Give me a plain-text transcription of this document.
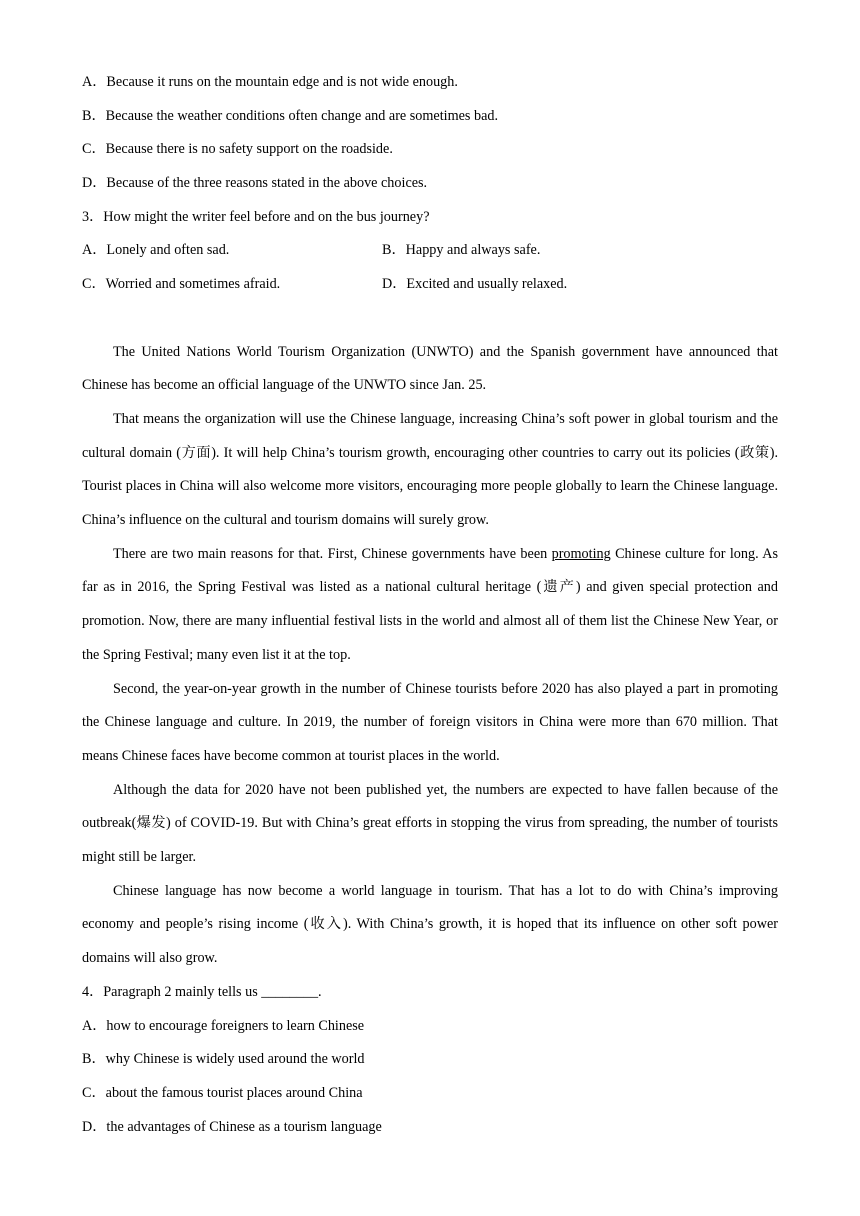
A．Because it runs on the mountain edge and is not wide enough.
B．Because the weather conditions often change and are sometimes bad.
C．Because there is no safety support on the roadside.
D．Because of the three reasons stated in the above choices.
3．How might the writer feel before and on the bus journey?
A．Lonely and often sad.	B．Happy and always safe.
C．Worried and sometimes afraid.	D．Excited and usually relaxed.

The United Nations World Tourism Organization (UNWTO) and the Spanish government have announced that Chinese has become an official language of the UNWTO since Jan. 25.

That means the organization will use the Chinese language, increasing China’s soft power in global tourism and the cultural domain (方面). It will help China’s tourism growth, encouraging other countries to carry out its policies (政策). Tourist places in China will also welcome more visitors, encouraging more people globally to learn the Chinese language. China’s influence on the cultural and tourism domains will surely grow.

There are two main reasons for that. First, Chinese governments have been promoting Chinese culture for long. As far as in 2016, the Spring Festival was listed as a national cultural heritage (遗产) and given special protection and promotion. Now, there are many influential festival lists in the world and almost all of them list the Chinese New Year, or the Spring Festival; many even list it at the top.

Second, the year-on-year growth in the number of Chinese tourists before 2020 has also played a part in promoting the Chinese language and culture. In 2019, the number of foreign visitors in China were more than 670 million. That means Chinese faces have become common at tourist places in the world.

Although the data for 2020 have not been published yet, the numbers are expected to have fallen because of the outbreak(爆发) of COVID-19. But with China’s great efforts in stopping the virus from spreading, the number of tourists might still be larger.

Chinese language has now become a world language in tourism. That has a lot to do with China’s improving economy and people’s rising income (收入). With China’s growth, it is hoped that its influence on other soft power domains will also grow.

4．Paragraph 2 mainly tells us ________.
A．how to encourage foreigners to learn Chinese
B．why Chinese is widely used around the world
C．about the famous tourist places around China
D．the advantages of Chinese as a tourism language
